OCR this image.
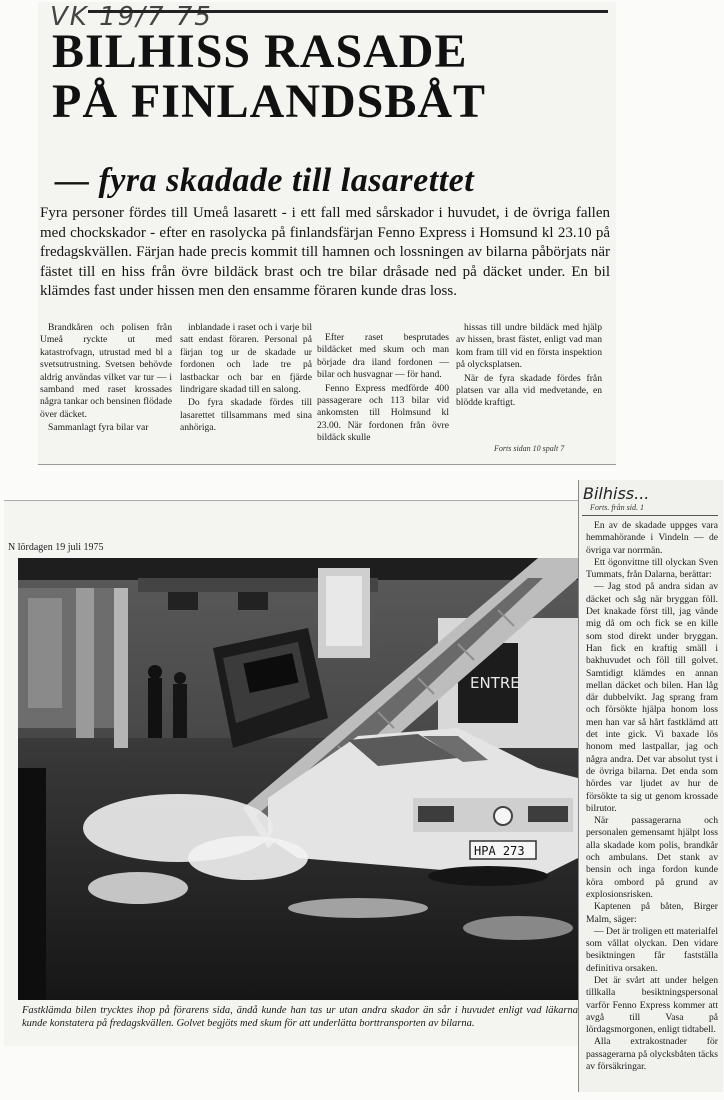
VK 19/7 75
BILHISS RASADE
PÅ FINLANDSBÅT
— fyra skadade till lasarettet
Fyra personer fördes till Umeå lasarett - i ett fall med sårskador i huvudet, i de övriga fallen med chockskador - efter en rasolycka på finlandsfärjan Fenno Express i Homsund kl 23.10 på fredagskvällen. Färjan hade precis kommit till hamnen och lossningen av bilarna påbörjats när fästet till en hiss från övre bildäck brast och tre bilar dråsade ned på däcket under. En bil klämdes fast under hissen men den ensamme föraren kunde dras loss.

Brandkåren och polisen från Umeå ryckte ut med katastrofvagn, utrustad med bl a svetsutrustning. Svetsen behövde aldrig användas vilket var tur — i samband med raset krossades några tankar och bensinen flödade över däcket.

Sammanlagt fyra bilar var

inblandade i raset och i varje bil satt endast föraren. Personal på färjan tog ur de skadade ur fordonen och lade tre på lastbackar och bar en fjärde lindrigare skadad till en salong.

Do fyra skadade fördes till lasarettet tillsammans med sina anhöriga.

Efter raset besprutades bildäcket med skum och man började dra iland fordonen — bilar och husvagnar — för hand.

Fenno Express medförde 400 passagerare och 113 bilar vid ankomsten till Holmsund kl 23.00. När fordonen från övre bildäck skulle

hissas till undre bildäck med hjälp av hissen, brast fästet, enligt vad man kom fram till vid en första inspektion på olycksplatsen.

När de fyra skadade fördes från platsen var alla vid medvetande, en blödde kraftigt.

Forts sidan 10 spalt 7
N lördagen 19 juli 1975
ENTRE
HPA 273
Fastklämda bilen trycktes ihop på förarens sida, ändå kunde han tas ur utan andra skador än sår i huvudet enligt vad läkarna kunde konstatera på fredagskvällen. Golvet begjöts med skum för att underlätta borttransporten av bilarna.
Bilhiss...
Forts. från sid. 1

En av de skadade uppges vara hemmahörande i Vindeln — de övriga var norrmän.

Ett ögonvittne till olyckan Sven Tummats, från Dalarna, berättar:

— Jag stod på andra sidan av däcket och såg när bryggan föll. Det knakade först till, jag vände mig då om och fick se en kille som stod direkt under bryggan. Han fick en kraftig smäll i bakhuvudet och föll till golvet. Samtidigt klämdes en annan mellan däcket och bilen. Han låg där dubbelvikt. Jag sprang fram och försökte hjälpa honom loss men han var så hårt fastklämd att det inte gick. Vi baxade lös honom med lastpallar, jag och några andra. Det var absolut tyst i de övriga bilarna. Det enda som hördes var ljudet av hur de försökte ta sig ut genom krossade bilrutor.

När passagerarna och personalen gemensamt hjälpt loss alla skadade kom polis, brandkår och ambulans. Det stank av bensin och inga fordon kunde köra ombord på grund av explosionsrisken.

Kaptenen på båten, Birger Malm, säger:

— Det är troligen ett materialfel som vållat olyckan. Den vidare besiktningen får fastställa definitiva orsaken.

Det är svårt att under helgen tillkalla besiktningspersonal varför Fenno Express kommer att avgå till Vasa på lördagsmorgonen, enligt tidtabell.

Alla extrakostnader för passagerarna på olycksbåten täcks av försäkringar.
